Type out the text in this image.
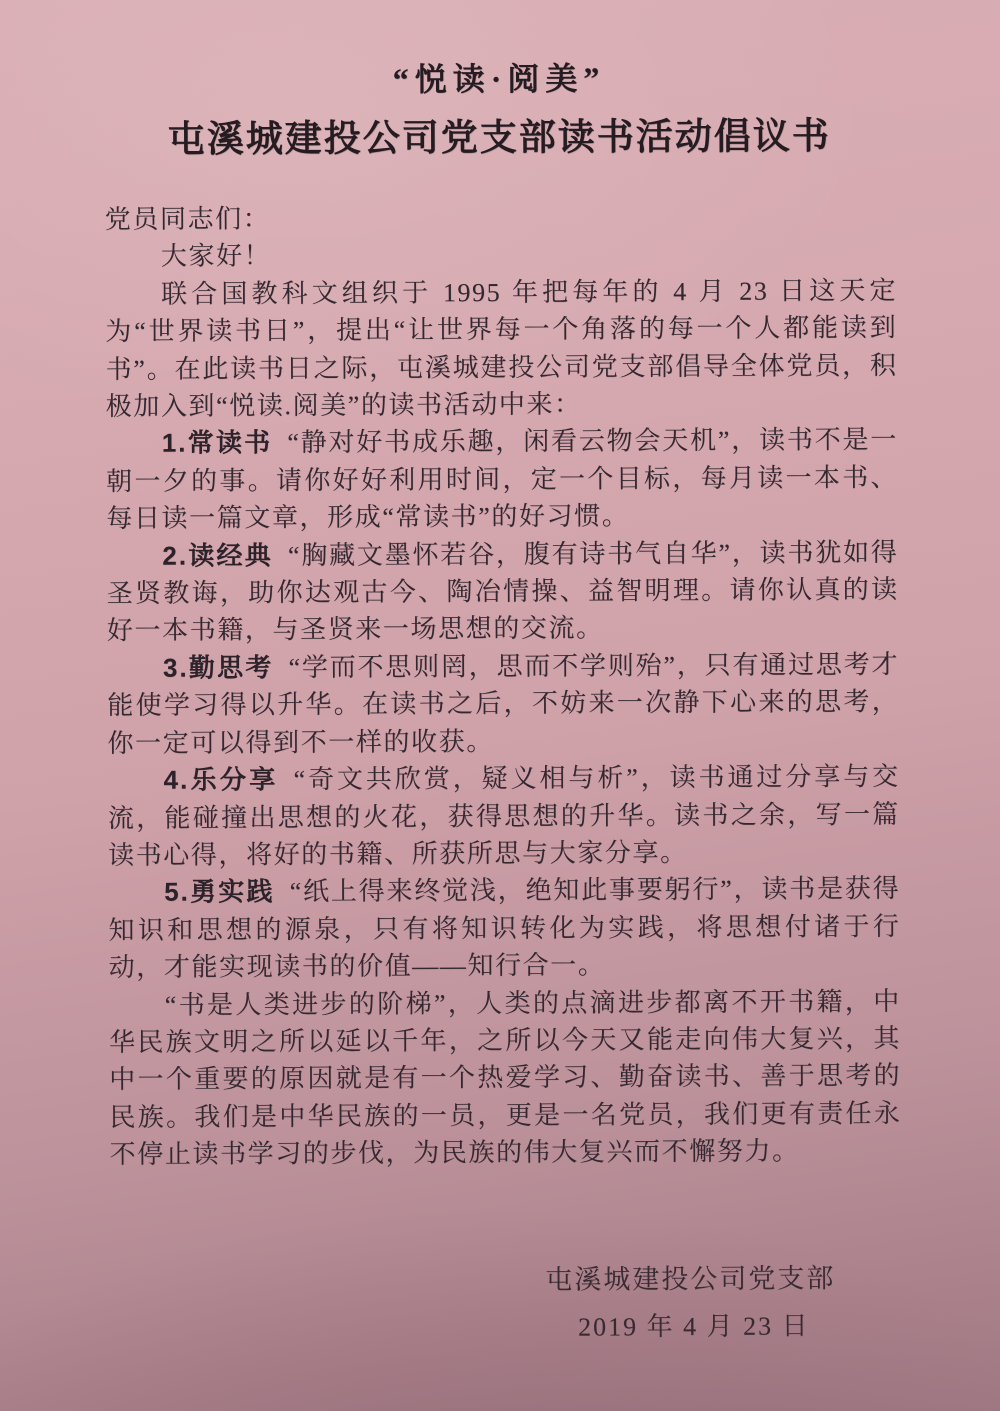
“悦读·阅美”
屯溪城建投公司党支部读书活动倡议书

党员同志们：

大家好！

联合国教科文组织于 1995 年把每年的 4 月 23 日这天定为“世界读书日”，提出“让世界每一个角落的每一个人都能读到书”。在此读书日之际，屯溪城建投公司党支部倡导全体党员，积极加入到“悦读.阅美”的读书活动中来：

1.常读书 “静对好书成乐趣，闲看云物会天机”，读书不是一朝一夕的事。请你好好利用时间，定一个目标，每月读一本书、每日读一篇文章，形成“常读书”的好习惯。

2.读经典 “胸藏文墨怀若谷，腹有诗书气自华”，读书犹如得圣贤教诲，助你达观古今、陶冶情操、益智明理。请你认真的读好一本书籍，与圣贤来一场思想的交流。

3.勤思考 “学而不思则罔，思而不学则殆”，只有通过思考才能使学习得以升华。在读书之后，不妨来一次静下心来的思考，你一定可以得到不一样的收获。

4.乐分享 “奇文共欣赏，疑义相与析”，读书通过分享与交流，能碰撞出思想的火花，获得思想的升华。读书之余，写一篇读书心得，将好的书籍、所获所思与大家分享。

5.勇实践 “纸上得来终觉浅，绝知此事要躬行”，读书是获得知识和思想的源泉，只有将知识转化为实践，将思想付诸于行动，才能实现读书的价值——知行合一。

“书是人类进步的阶梯”，人类的点滴进步都离不开书籍，中华民族文明之所以延以千年，之所以今天又能走向伟大复兴，其中一个重要的原因就是有一个热爱学习、勤奋读书、善于思考的民族。我们是中华民族的一员，更是一名党员，我们更有责任永不停止读书学习的步伐，为民族的伟大复兴而不懈努力。

屯溪城建投公司党支部

2019 年 4 月 23 日
